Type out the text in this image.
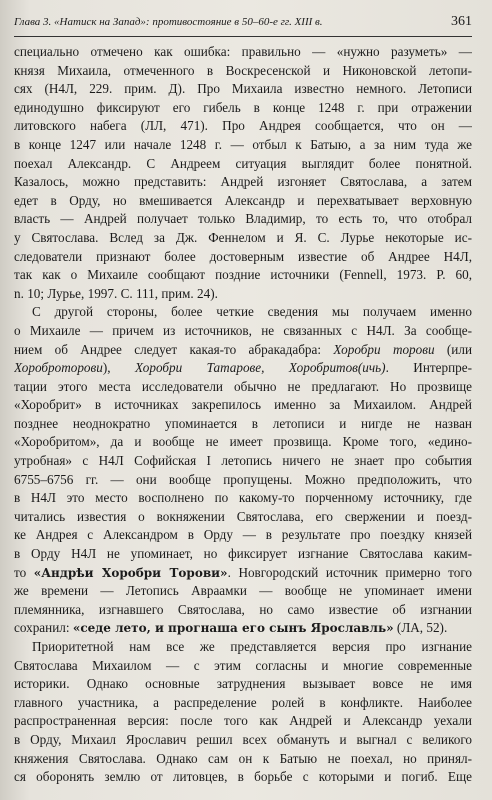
Глава 3. «Натиск на Запад»: противостояние в 50–60-е гг. XIII в.	361
специально отмечено как ошибка: правильно — «нужно разуметь» —
князя Михаила, отмеченного в Воскресенской и Никоновской летопи-
сях (Н4Л, 229. прим. Д). Про Михаила известно немного. Летописи
единодушно фиксируют его гибель в конце 1248 г. при отражении
литовского набега (ЛЛ, 471). Про Андрея сообщается, что он —
в конце 1247 или начале 1248 г. — отбыл к Батыю, а за ним туда же
поехал Александр. С Андреем ситуация выглядит более понятной.
Казалось, можно представить: Андрей изгоняет Святослава, а затем
едет в Орду, но вмешивается Александр и перехватывает верховную
власть — Андрей получает только Владимир, то есть то, что отобрал
у Святослава. Вслед за Дж. Феннелом и Я. С. Лурье некоторые ис-
следователи признают более достоверным известие об Андрее Н4Л,
так как о Михаиле сообщают поздние источники (Fennell, 1973. P. 60,
n. 10; Лурье, 1997. С. 111, прим. 24).
С другой стороны, более четкие сведения мы получаем именно
о Михаиле — причем из источников, не связанных с Н4Л. За сообще-
нием об Андрее следует какая-то абракадабра: Хоробри торови (или
Хороброторови), Хоробри Татарове, Хоробритов(ичь). Интерпре-
тации этого места исследователи обычно не предлагают. Но прозвище
«Хоробрит» в источниках закрепилось именно за Михаилом. Андрей
позднее неоднократно упоминается в летописи и нигде не назван
«Хоробритом», да и вообще не имеет прозвища. Кроме того, «едино-
утробная» с Н4Л Софийская I летопись ничего не знает про события
6755–6756 гг. — они вообще пропущены. Можно предположить, что
в Н4Л это место восполнено по какому-то порченному источнику, где
читались известия о вокняжении Святослава, его свержении и поезд-
ке Андрея с Александром в Орду — в результате про поездку князей
в Орду Н4Л не упоминает, но фиксирует изгнание Святослава каким-
то «Андрѣи Хоробри Торови». Новгородский источник примерно того
же времени — Летопись Авраамки — вообще не упоминает имени
племянника, изгнавшего Святослава, но само известие об изгнании
сохранил: «седе лето, и прогнаша его сынъ Ярославль» (ЛА, 52).
Приоритетной нам все же представляется версия про изгнание
Святослава Михаилом — с этим согласны и многие современные
историки. Однако основные затруднения вызывает вовсе не имя
главного участника, а распределение ролей в конфликте. Наиболее
распространенная версия: после того как Андрей и Александр уехали
в Орду, Михаил Ярославич решил всех обмануть и выгнал с великого
княжения Святослава. Однако сам он к Батыю не поехал, но принял-
ся оборонять землю от литовцев, в борьбе с которыми и погиб. Еще
